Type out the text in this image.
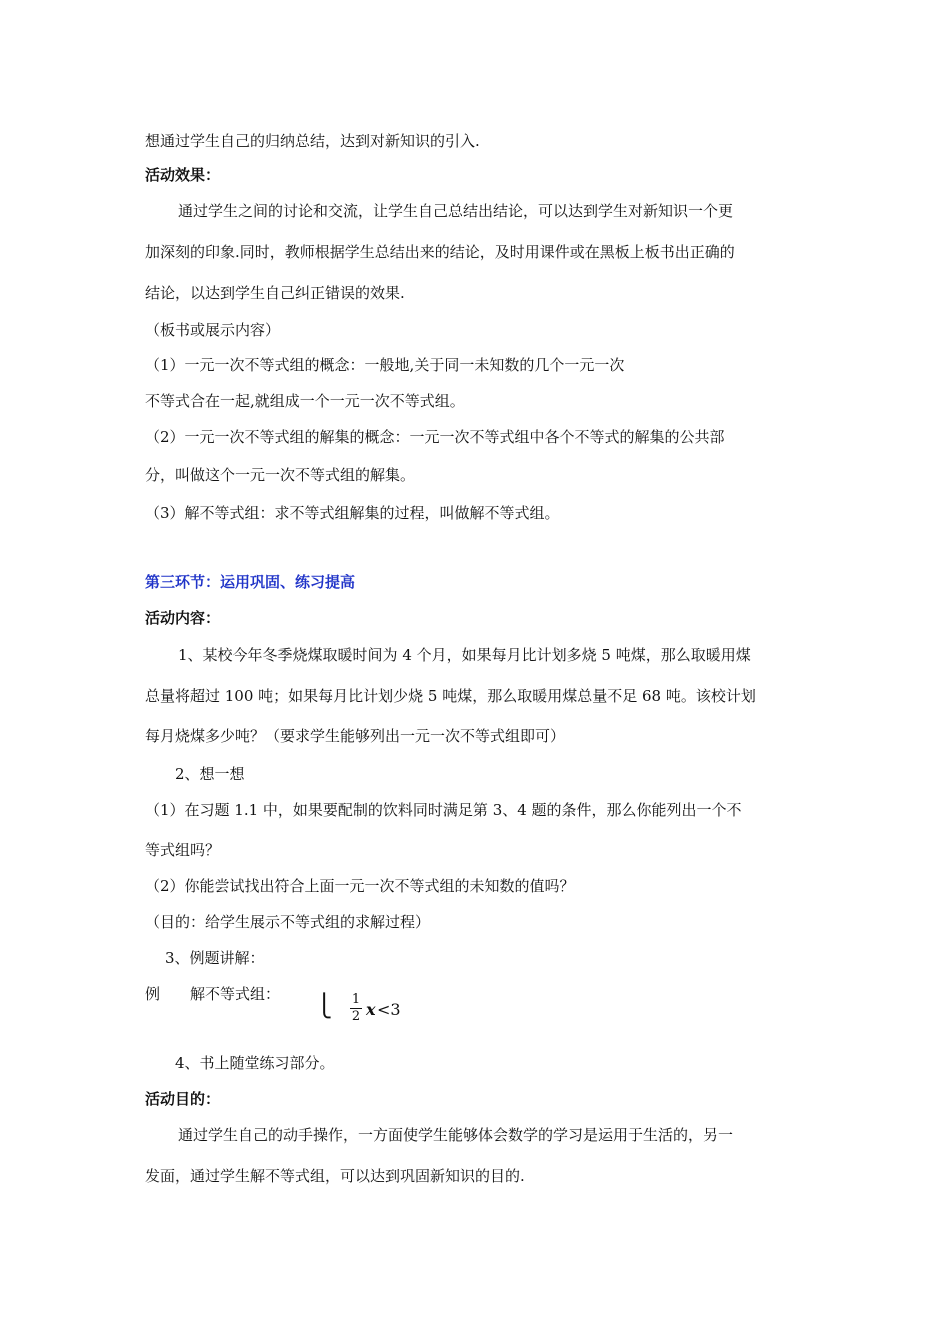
想通过学生自己的归纳总结，达到对新知识的引入.
活动效果：
通过学生之间的讨论和交流，让学生自己总结出结论，可以达到学生对新知识一个更
加深刻的印象.同时，教师根据学生总结出来的结论，及时用课件或在黑板上板书出正确的
结论，以达到学生自己纠正错误的效果.
（板书或展示内容）
（1）一元一次不等式组的概念：一般地,关于同一未知数的几个一元一次
不等式合在一起,就组成一个一元一次不等式组。
（2）一元一次不等式组的解集的概念：一元一次不等式组中各个不等式的解集的公共部
分，叫做这个一元一次不等式组的解集。
（3）解不等式组：求不等式组解集的过程，叫做解不等式组。
第三环节：运用巩固、练习提高
活动内容：
1、某校今年冬季烧煤取暖时间为 4 个月，如果每月比计划多烧 5 吨煤，那么取暖用煤
总量将超过 100 吨；如果每月比计划少烧 5 吨煤，那么取暖用煤总量不足 68 吨。该校计划
每月烧煤多少吨？（要求学生能够列出一元一次不等式组即可）
2、想一想
（1）在习题 1.1 中，如果要配制的饮料同时满足第 3、4 题的条件，那么你能列出一个不
等式组吗？
（2）你能尝试找出符合上面一元一次不等式组的未知数的值吗？
（目的：给学生展示不等式组的求解过程）
3、例题讲解：
例　　解不等式组： ⎩ 1
2 x <3
4、书上随堂练习部分。
活动目的：
通过学生自己的动手操作，一方面使学生能够体会数学的学习是运用于生活的，另一
发面，通过学生解不等式组，可以达到巩固新知识的目的.
